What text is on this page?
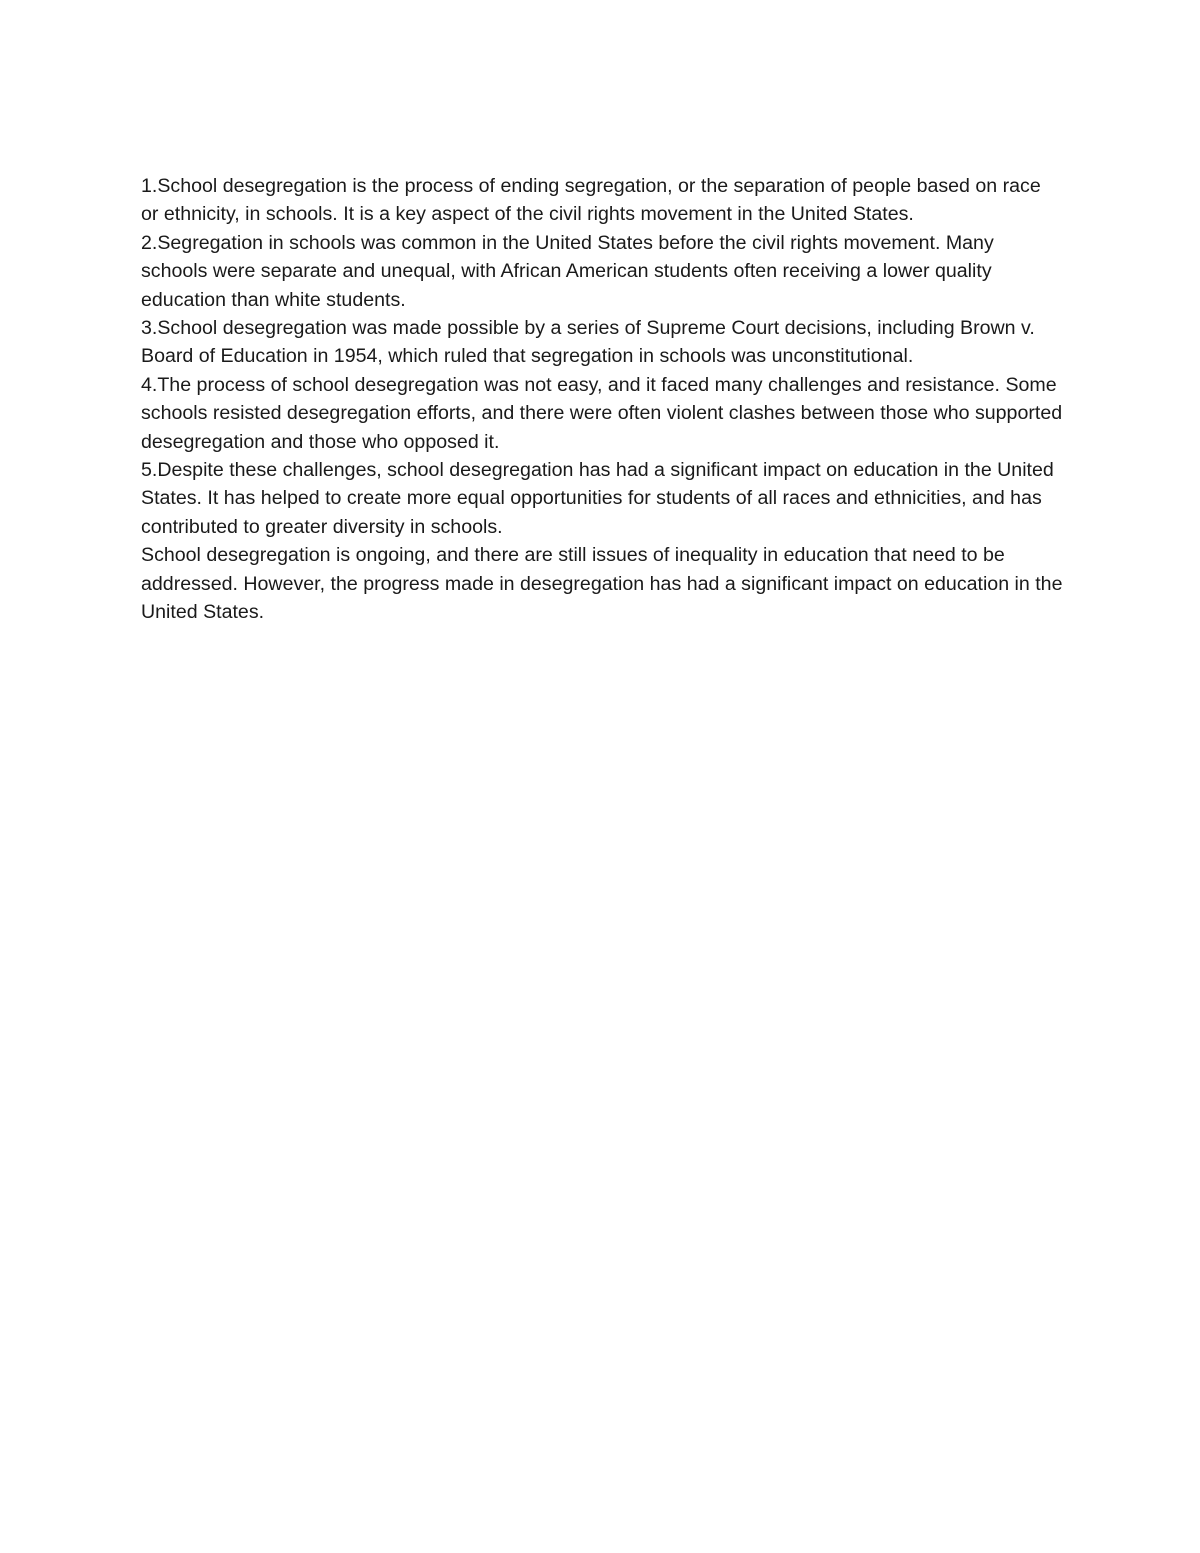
1.School desegregation is the process of ending segregation, or the separation of people based on race or ethnicity, in schools. It is a key aspect of the civil rights movement in the United States.

2.Segregation in schools was common in the United States before the civil rights movement. Many schools were separate and unequal, with African American students often receiving a lower quality education than white students.

3.School desegregation was made possible by a series of Supreme Court decisions, including Brown v. Board of Education in 1954, which ruled that segregation in schools was unconstitutional.

4.The process of school desegregation was not easy, and it faced many challenges and resistance. Some schools resisted desegregation efforts, and there were often violent clashes between those who supported desegregation and those who opposed it.

5.Despite these challenges, school desegregation has had a significant impact on education in the United States. It has helped to create more equal opportunities for students of all races and ethnicities, and has contributed to greater diversity in schools.

School desegregation is ongoing, and there are still issues of inequality in education that need to be addressed. However, the progress made in desegregation has had a significant impact on education in the United States.
